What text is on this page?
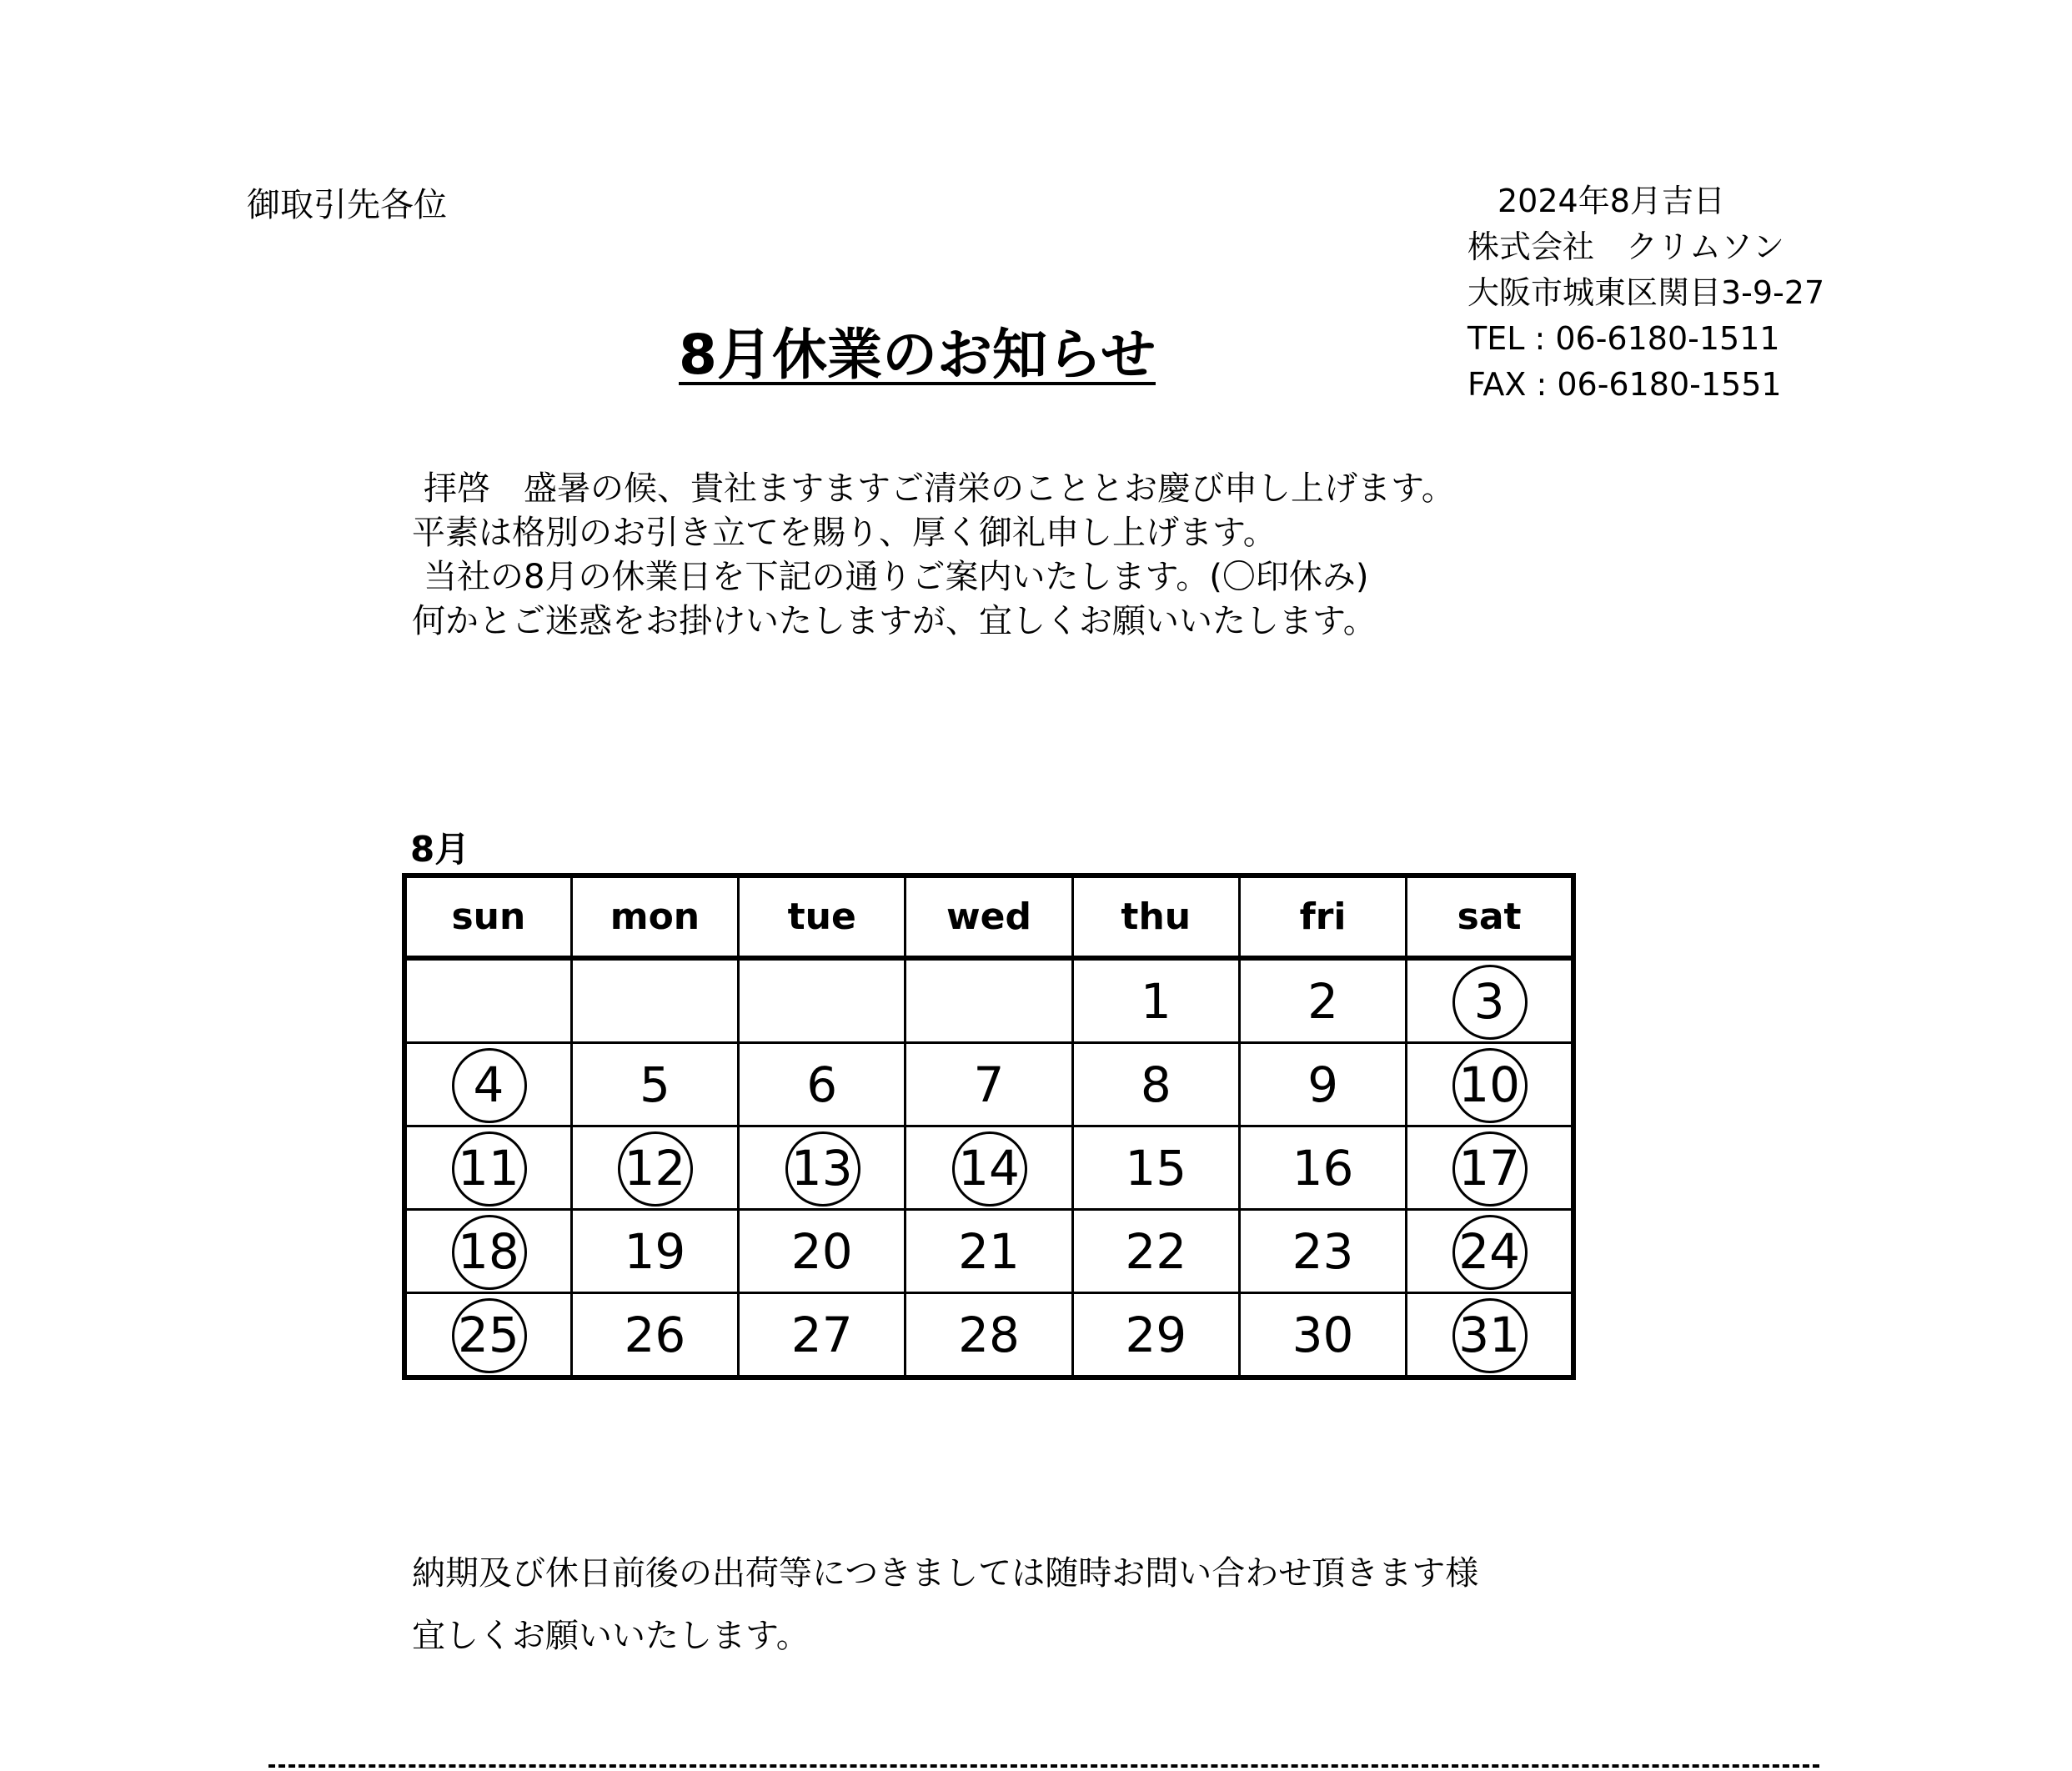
御取引先各位	2024年8月吉日
株式会社　クリムソン
大阪市城東区関目3-9-27
TEL : 06-6180-1511
FAX : 06-6180-1551
8月休業のお知らせ
拝啓　盛暑の候、貴社ますますご清栄のこととお慶び申し上げます。
平素は格別のお引き立てを賜り、厚く御礼申し上げます。
当社の8月の休業日を下記の通りご案内いたします。(〇印休み)
何かとご迷惑をお掛けいたしますが、宜しくお願いいたします。
8月
sun	mon	tue	wed	thu	fri	sat
				1	2	3
4	5	6	7	8	9	10
11	12	13	14	15	16	17
18	19	20	21	22	23	24
25	26	27	28	29	30	31
納期及び休日前後の出荷等につきましては随時お問い合わせ頂きます様
宜しくお願いいたします。
